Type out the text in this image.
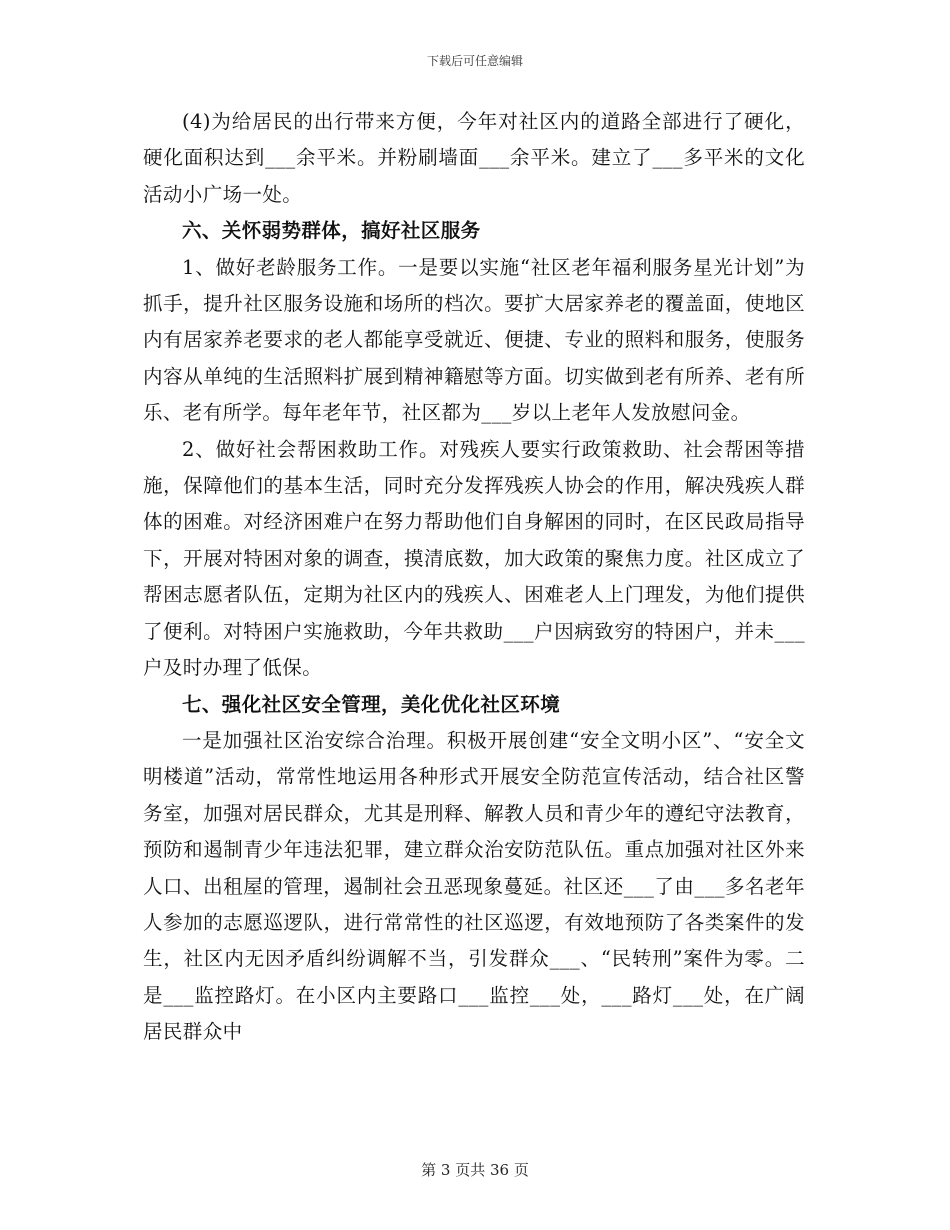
下载后可任意编辑

(4)为给居民的出行带来方便，今年对社区内的道路全部进行了硬化，硬化面积达到___余平米。并粉刷墙面___余平米。建立了___多平米的文化活动小广场一处。

六、关怀弱势群体，搞好社区服务

1、做好老龄服务工作。一是要以实施“社区老年福利服务星光计划”为抓手，提升社区服务设施和场所的档次。要扩大居家养老的覆盖面，使地区内有居家养老要求的老人都能享受就近、便捷、专业的照料和服务，使服务内容从单纯的生活照料扩展到精神籍慰等方面。切实做到老有所养、老有所乐、老有所学。每年老年节，社区都为___岁以上老年人发放慰问金。

2、做好社会帮困救助工作。对残疾人要实行政策救助、社会帮困等措施，保障他们的基本生活，同时充分发挥残疾人协会的作用，解决残疾人群体的困难。对经济困难户在努力帮助他们自身解困的同时，在区民政局指导下，开展对特困对象的调查，摸清底数，加大政策的聚焦力度。社区成立了帮困志愿者队伍，定期为社区内的残疾人、困难老人上门理发，为他们提供了便利。对特困户实施救助，今年共救助___户因病致穷的特困户，并未___户及时办理了低保。

七、强化社区安全管理，美化优化社区环境

一是加强社区治安综合治理。积极开展创建“安全文明小区”、“安全文明楼道”活动，常常性地运用各种形式开展安全防范宣传活动，结合社区警务室，加强对居民群众，尤其是刑释、解教人员和青少年的遵纪守法教育，预防和遏制青少年违法犯罪，建立群众治安防范队伍。重点加强对社区外来人口、出租屋的管理，遏制社会丑恶现象蔓延。社区还___了由___多名老年人参加的志愿巡逻队，进行常常性的社区巡逻，有效地预防了各类案件的发生，社区内无因矛盾纠纷调解不当，引发群众___、“民转刑”案件为零。二是___监控路灯。在小区内主要路口___监控___处，___路灯___处，在广阔居民群众中

第 3 页共 36 页
